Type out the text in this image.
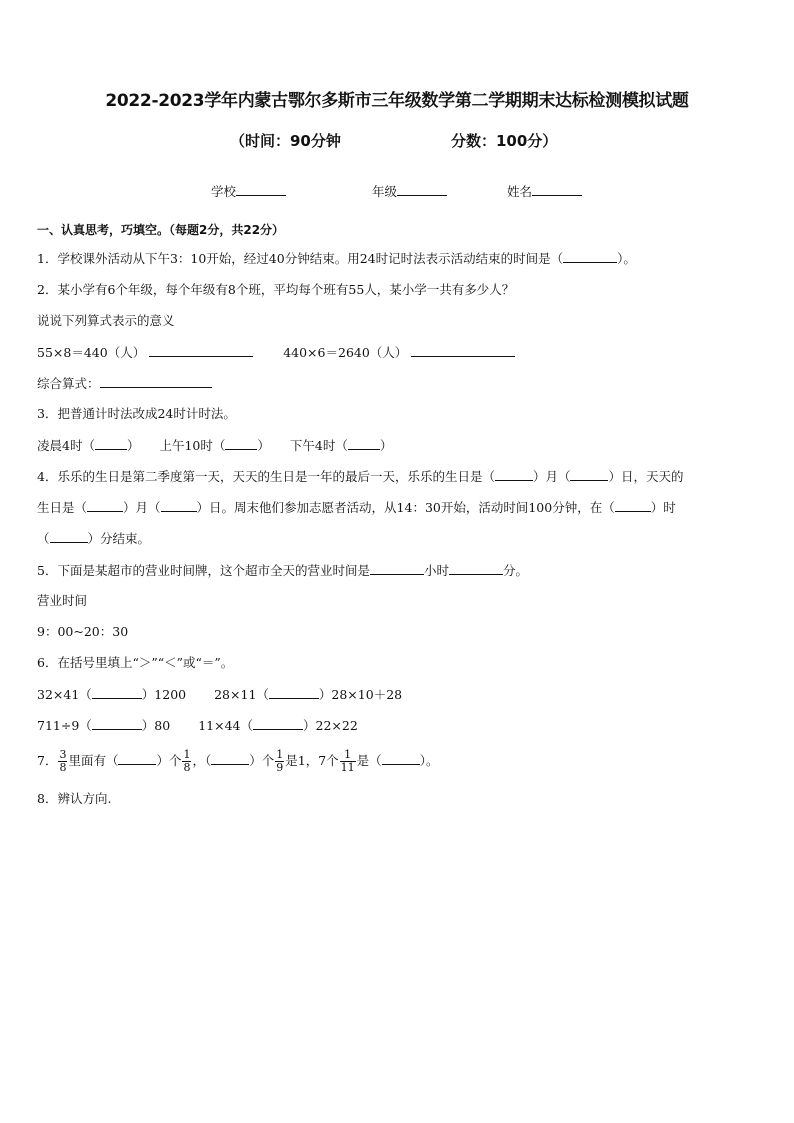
2022-2023学年内蒙古鄂尔多斯市三年级数学第二学期期末达标检测模拟试题
（时间：90分钟	分数：100分）
学校	年级	姓名
一、认真思考，巧填空。（每题2分，共22分）
1．学校课外活动从下午3：10开始，经过40分钟结束。用24时记时法表示活动结束的时间是（	）。
2．某小学有6个年级，每个年级有8个班，平均每个班有55人，某小学一共有多少人？
说说下列算式表示的意义
55×8＝440（人）	440×6＝2640（人）
综合算式：
3．把普通计时法改成24时计时法。
凌晨4时（	） 上午10时（	） 下午4时（	）
4．乐乐的生日是第二季度第一天，天天的生日是一年的最后一天，乐乐的生日是（	）月（	）日，天天的
生日是（	）月（	）日。周末他们参加志愿者活动，从14：30开始，活动时间100分钟，在（	）时
（	）分结束。
5．下面是某超市的营业时间牌，这个超市全天的营业时间是	小时	分。
营业时间
9：00~20：30
6．在括号里填上“＞”“＜”或“＝”。
32×41（	）1200 28×11（	）28×10＋28
711÷9（	）80 11×44（	）22×22
7． $\frac{3}{8}$ 里面有（	）个 $\frac{1}{8}$ ，（	）个 $\frac{1}{9}$ 是1，7个 $\frac{1}{11}$ 是（	）。
8．辨认方向.
